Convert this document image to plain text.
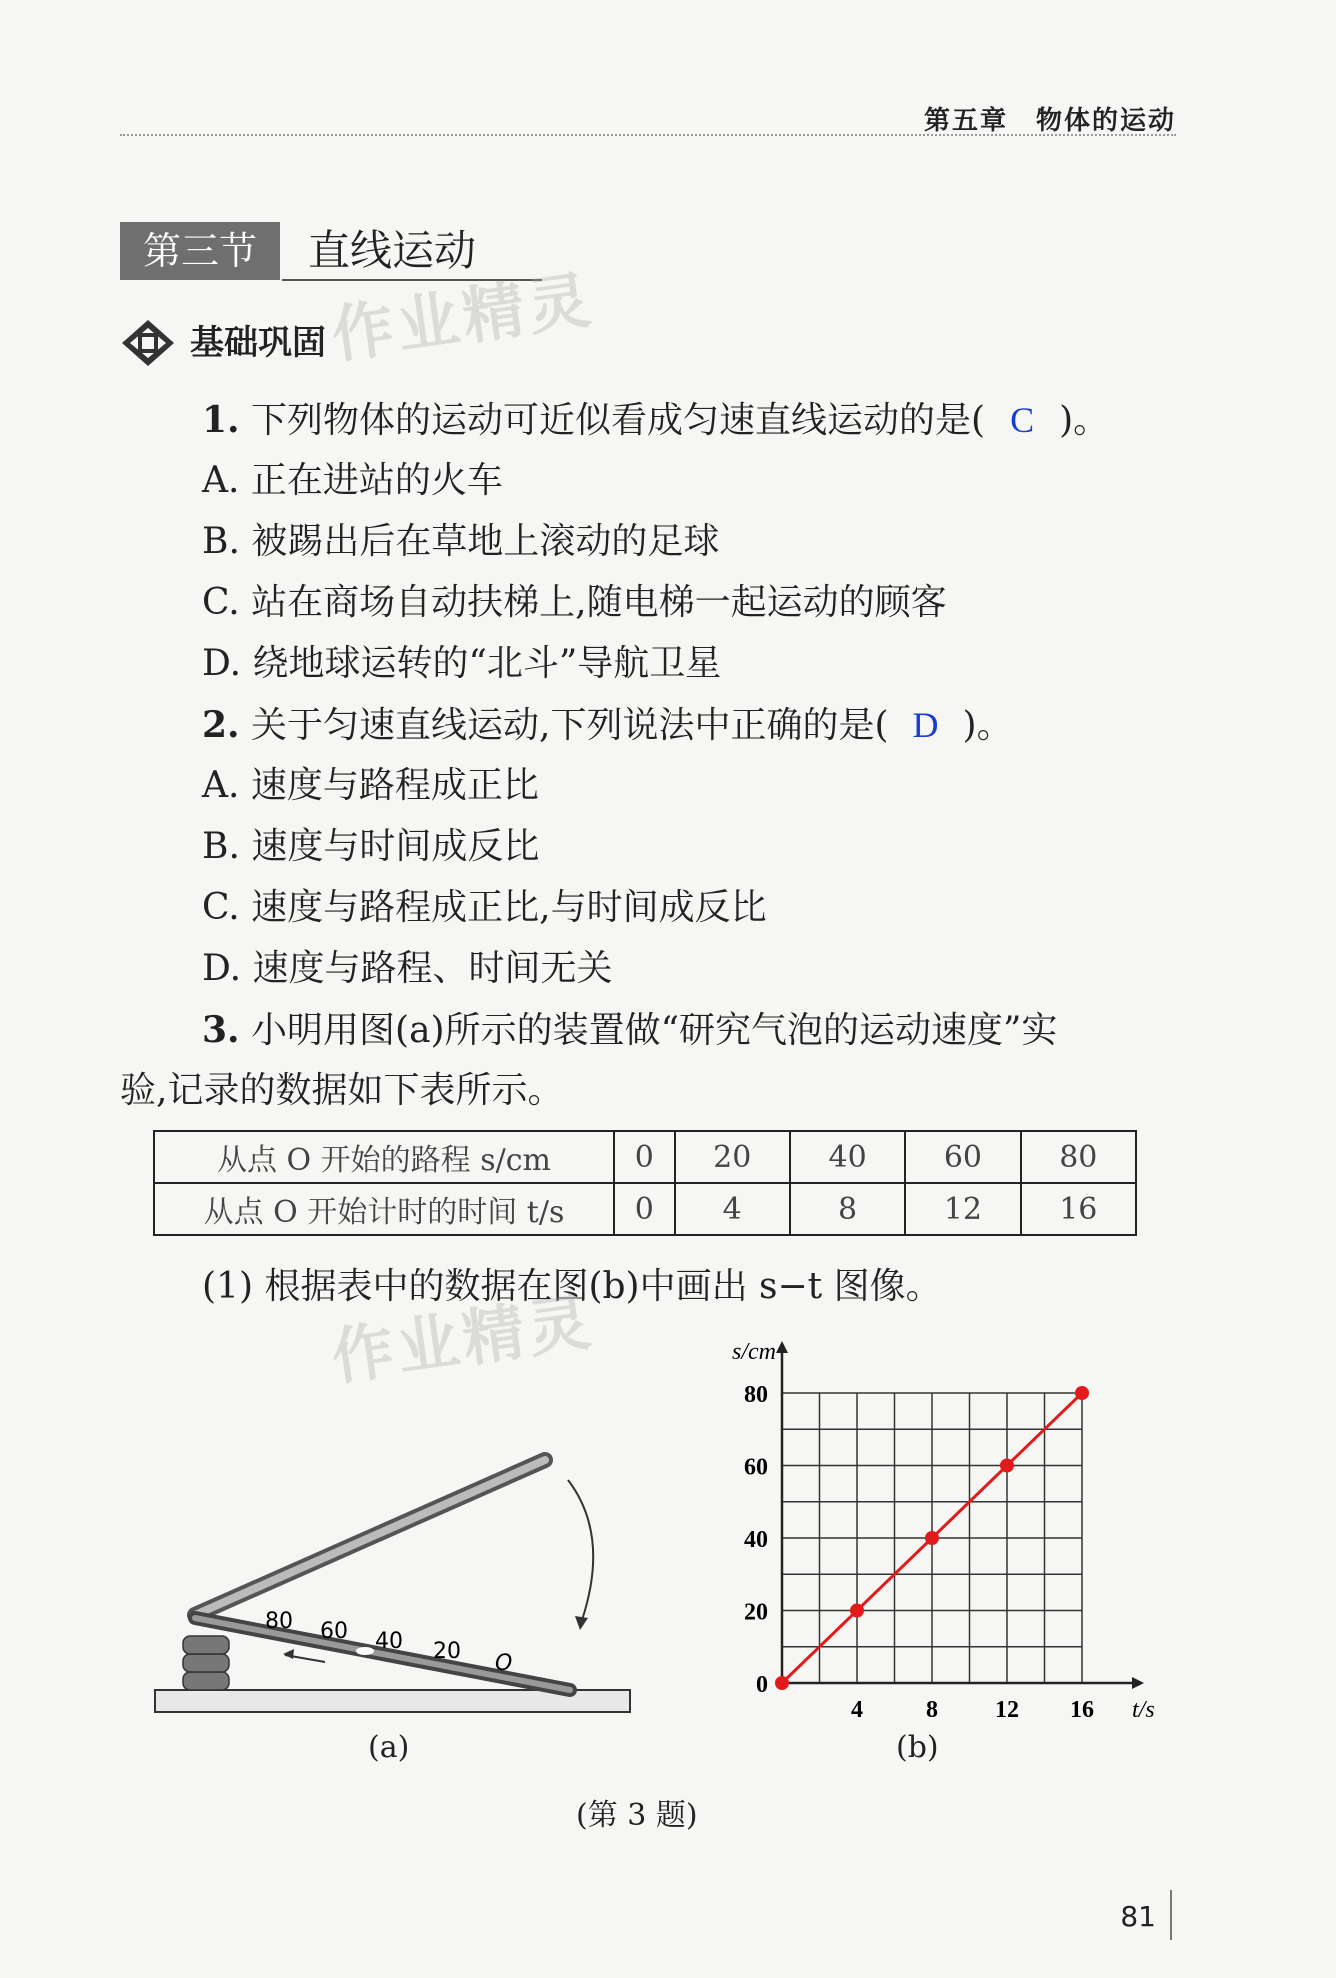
第五章　物体的运动
第三节	直线运动
作业精灵
基础巩固
1. 下列物体的运动可近似看成匀速直线运动的是( C )。
A. 正在进站的火车
B. 被踢出后在草地上滚动的足球
C. 站在商场自动扶梯上,随电梯一起运动的顾客
D. 绕地球运转的“北斗”导航卫星
2. 关于匀速直线运动,下列说法中正确的是( D )。
A. 速度与路程成正比
B. 速度与时间成反比
C. 速度与路程成正比,与时间成反比
D. 速度与路程、时间无关
3. 小明用图(a)所示的装置做“研究气泡的运动速度”实
验,记录的数据如下表所示。
从点 O 开始的路程 s/cm	0	20	40	60	80
从点 O 开始计时的时间 t/s	0	4	8	12	16
(1) 根据表中的数据在图(b)中画出 s−t 图像。
作业精灵
80 60 40 20 O
(a)
4	8 12 16
0
20
40
60
80
t/s
s/cm
(b)
(第 3 题)
81
